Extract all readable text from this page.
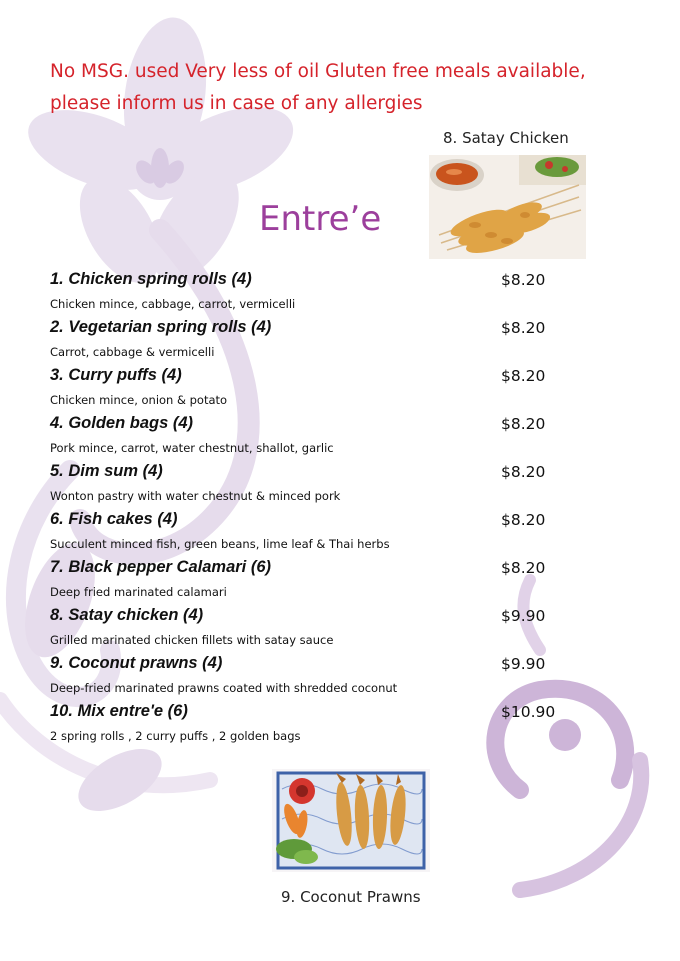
No MSG. used Very less of oil Gluten free meals available,
please inform us in case of any allergies
8. Satay Chicken
Entre’e
1. Chicken spring rolls (4)	$8.20
Chicken mince, cabbage, carrot, vermicelli
2. Vegetarian spring rolls (4)	$8.20
Carrot, cabbage & vermicelli
3. Curry puffs (4)	$8.20
Chicken mince, onion & potato
4. Golden bags (4)	$8.20
Pork mince, carrot, water chestnut, shallot, garlic
5. Dim sum (4)	$8.20
Wonton pastry with water chestnut & minced pork
6. Fish cakes (4)	$8.20
Succulent minced fish, green beans, lime leaf & Thai herbs
7. Black pepper Calamari (6)	$8.20
Deep fried marinated calamari
8. Satay chicken (4)	$9.90
Grilled marinated chicken fillets with satay sauce
9. Coconut prawns (4)	$9.90
Deep-fried marinated prawns coated with shredded coconut
10. Mix entre'e (6)	$10.90
2 spring rolls , 2 curry puffs , 2 golden bags
9. Coconut Prawns
